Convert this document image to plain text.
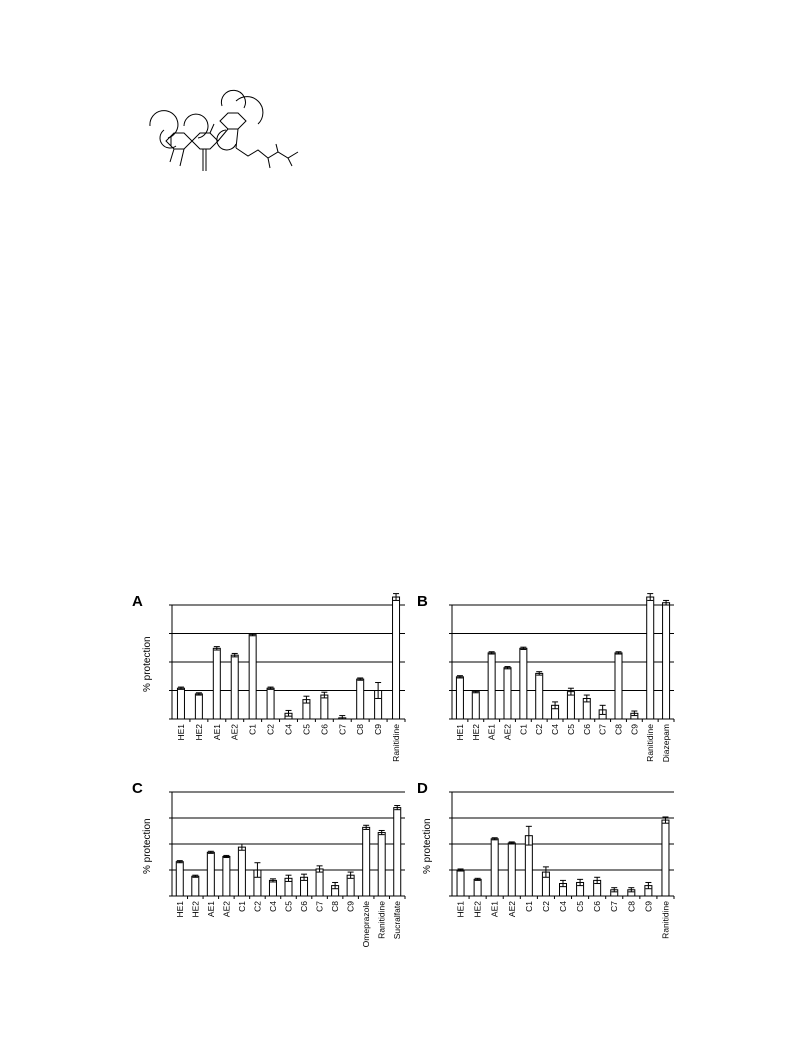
A
% protection
HE1 HE2 AE1 AE2 C1 C2 C4 C5 C6 C7 C8 C9 Ranitidine
B
HE1 HE2 AE1 AE2 C1 C2 C4 C5 C6 C7 C8 C9 Ranitidine Diazepam
C
% protection
HE1 HE2 AE1 AE2 C1 C2 C4 C5 C6 C7 C8 C9 Omeprazole Ranitidine Sucralfate
D
% protection
HE1 HE2 AE1 AE2 C1 C2 C4 C5 C6 C7 C8 C9 Ranitidine
